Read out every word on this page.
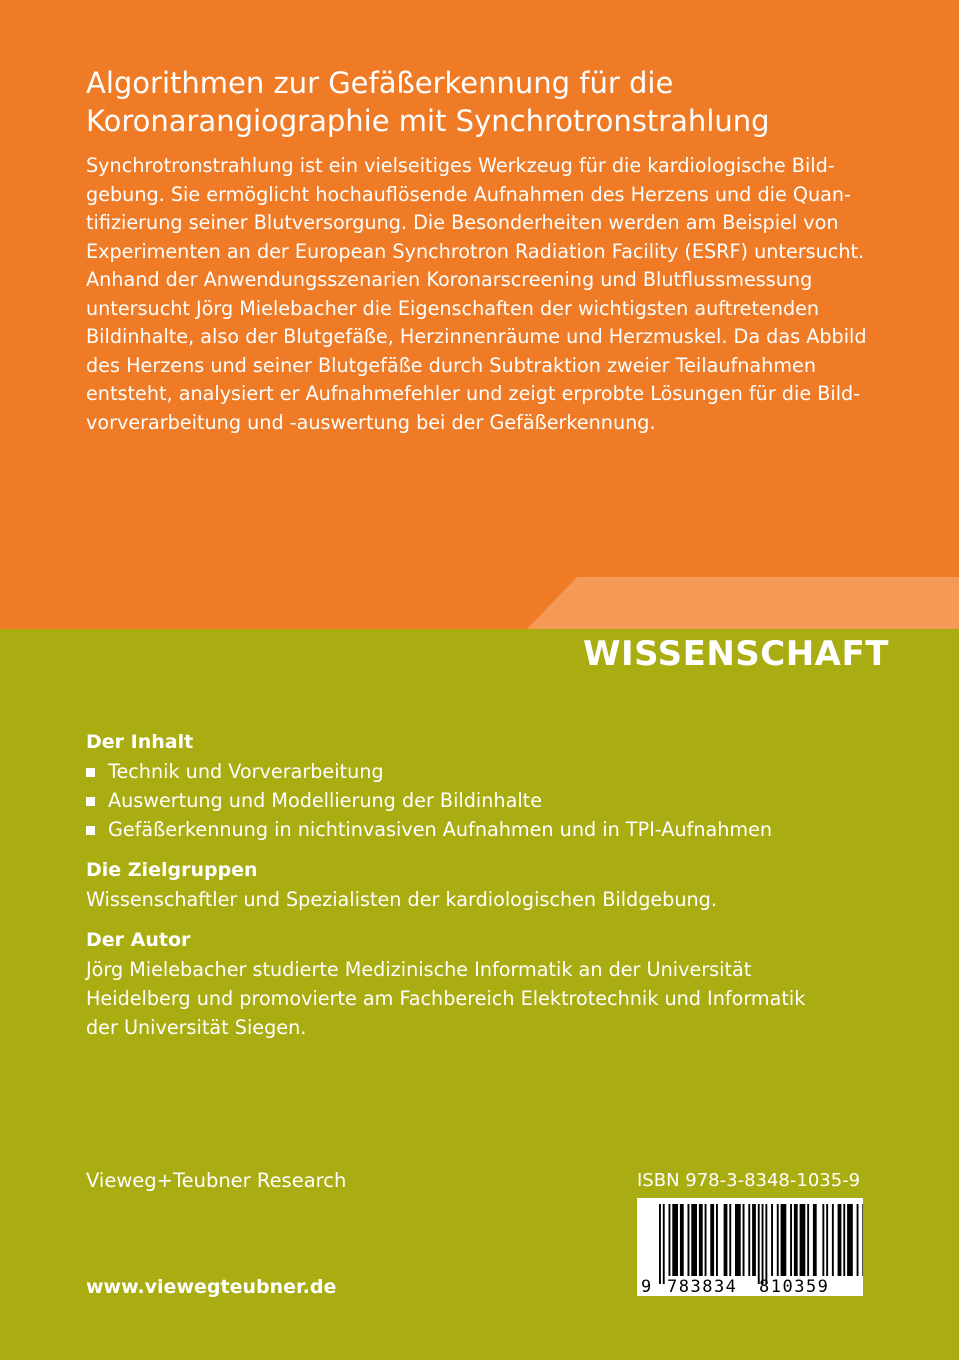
Algorithmen zur Gefäßerkennung für die
Koronarangiographie mit Synchrotronstrahlung

Synchrotronstrahlung ist ein vielseitiges Werkzeug für die kardiologische Bild-
gebung. Sie ermöglicht hochauflösende Aufnahmen des Herzens und die Quan-
tifizierung seiner Blutversorgung. Die Besonderheiten werden am Beispiel von
Experimenten an der European Synchrotron Radiation Facility (ESRF) untersucht.
Anhand der Anwendungsszenarien Koronarscreening und Blutflussmessung
untersucht Jörg Mielebacher die Eigenschaften der wichtigsten auftretenden
Bildinhalte, also der Blutgefäße, Herzinnenräume und Herzmuskel. Da das Abbild
des Herzens und seiner Blutgefäße durch Subtraktion zweier Teilaufnahmen
entsteht, analysiert er Aufnahmefehler und zeigt erprobte Lösungen für die Bild-
vorverarbeitung und -auswertung bei der Gefäßerkennung.

WISSENSCHAFT

Der Inhalt

Technik und Vorverarbeitung
Auswertung und Modellierung der Bildinhalte
Gefäßerkennung in nichtinvasiven Aufnahmen und in TPI-Aufnahmen

Die Zielgruppen

Wissenschaftler und Spezialisten der kardiologischen Bildgebung.

Der Autor

Jörg Mielebacher studierte Medizinische Informatik an der Universität
Heidelberg und promovierte am Fachbereich Elektrotechnik und Informatik
der Universität Siegen.

Vieweg+Teubner Research
www.viewegteubner.de
ISBN 978-3-8348-1035-9
9 783834 810359
